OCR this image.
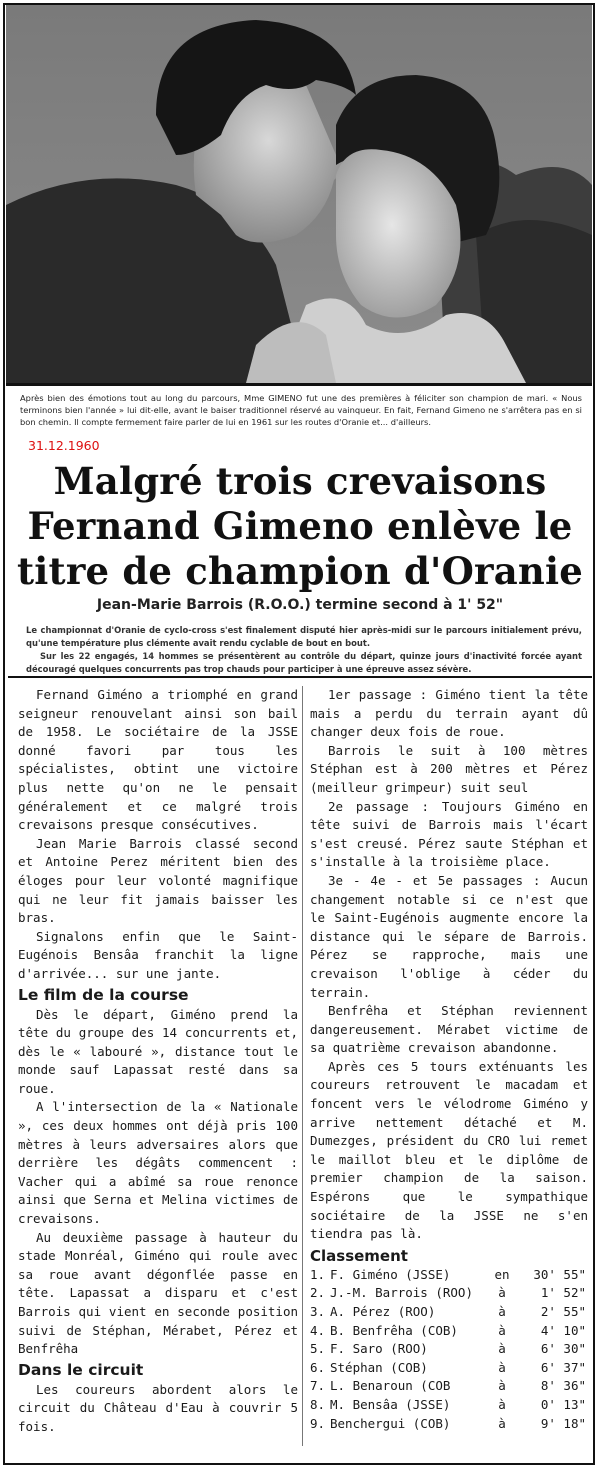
Après bien des émotions tout au long du parcours, Mme GIMENO fut une des premières à féliciter son champion de mari. « Nous terminons bien l'année » lui dit-elle, avant le baiser traditionnel réservé au vainqueur. En fait, Fernand Gimeno ne s'arrêtera pas en si bon chemin. Il compte fermement faire parler de lui en 1961 sur les routes d'Oranie et... d'ailleurs.
31.12.1960
Malgré trois crevaisons
Fernand Gimeno enlève le
titre de champion d'Oranie
Jean-Marie Barrois (R.O.O.) termine second à 1' 52"
Le championnat d'Oranie de cyclo-cross s'est finalement disputé hier après-midi sur le parcours initialement prévu, qu'une température plus clémente avait rendu cyclable de bout en bout.
Sur les 22 engagés, 14 hommes se présentèrent au contrôle du départ, quinze jours d'inactivité forcée ayant découragé quelques concurrents pas trop chauds pour participer à une épreuve assez sévère.

Fernand Giméno a triomphé en grand seigneur renouvelant ainsi son bail de 1958. Le sociétaire de la JSSE donné favori par tous les spécialistes, obtint une victoire plus nette qu'on ne le pensait généralement et ce malgré trois crevaisons presque consécutives.

Jean Marie Barrois classé second et Antoine Perez méritent bien des éloges pour leur volonté magnifique qui ne leur fit jamais baisser les bras.

Signalons enfin que le Saint-Eugénois Bensâa franchit la ligne d'arrivée... sur une jante.

Le film de la course

Dès le départ, Giméno prend la tête du groupe des 14 concurrents et, dès le « labouré », distance tout le monde sauf Lapassat resté dans sa roue.

A l'intersection de la « Nationale », ces deux hommes ont déjà pris 100 mètres à leurs adversaires alors que derrière les dégâts commencent : Vacher qui a abîmé sa roue renonce ainsi que Serna et Melina victimes de crevaisons.

Au deuxième passage à hauteur du stade Monréal, Giméno qui roule avec sa roue avant dégonflée passe en tête. Lapassat a disparu et c'est Barrois qui vient en seconde position suivi de Stéphan, Mérabet, Pérez et Benfrêha

Dans le circuit

Les coureurs abordent alors le circuit du Château d'Eau à couvrir 5 fois.

1er passage : Giméno tient la tête mais a perdu du terrain ayant dû changer deux fois de roue.

Barrois le suit à 100 mètres Stéphan est à 200 mètres et Pérez (meilleur grimpeur) suit seul

2e passage : Toujours Giméno en tête suivi de Barrois mais l'écart s'est creusé. Pérez saute Stéphan et s'installe à la troisième place.

3e - 4e - et 5e passages : Aucun changement notable si ce n'est que le Saint-Eugénois augmente encore la distance qui le sépare de Barrois. Pérez se rapproche, mais une crevaison l'oblige à céder du terrain.

Benfrêha et Stéphan reviennent dangereusement. Mérabet victime de sa quatrième crevaison abandonne.

Après ces 5 tours exténuants les coureurs retrouvent le macadam et foncent vers le vélodrome Giméno y arrive nettement détaché et M. Dumezges, président du CRO lui remet le maillot bleu et le diplôme de premier champion de la saison. Espérons que le sympathique sociétaire de la JSSE ne s'en tiendra pas là.

Classement
1. F. Giméno (JSSE)	en	30' 55"
2. J.-M. Barrois (ROO)	à	1' 52"
3. A. Pérez (ROO)	à	2' 55"
4. B. Benfrêha (COB)	à	4' 10"
5. F. Saro (ROO)	à	6' 30"
6. Stéphan (COB)	à	6' 37"
7. L. Benaroun (COB	à	8' 36"
8. M. Bensâa (JSSE)	à	0' 13"
9. Benchergui (COB)	à	9' 18"
